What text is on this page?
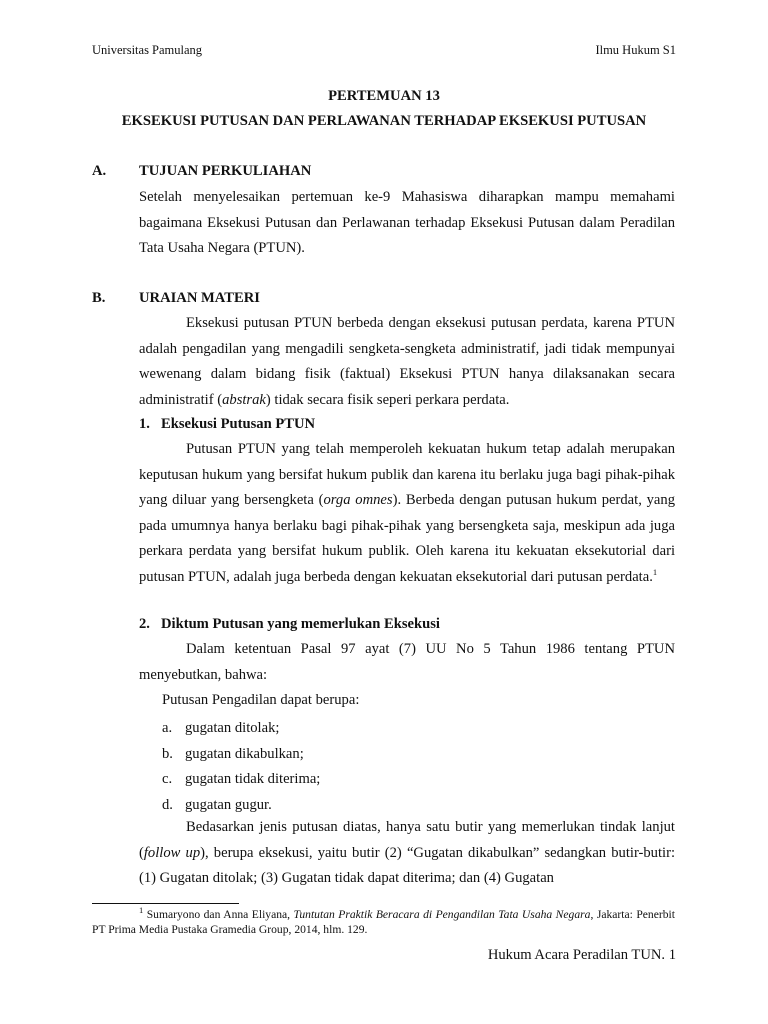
Universitas Pamulang	Ilmu Hukum S1
PERTEMUAN 13
EKSEKUSI PUTUSAN DAN PERLAWANAN TERHADAP EKSEKUSI PUTUSAN
A. TUJUAN PERKULIAHAN
Setelah menyelesaikan pertemuan ke-9 Mahasiswa diharapkan mampu memahami bagaimana Eksekusi Putusan dan Perlawanan terhadap Eksekusi Putusan dalam Peradilan Tata Usaha Negara (PTUN).
B. URAIAN MATERI
Eksekusi putusan PTUN berbeda dengan eksekusi putusan perdata, karena PTUN adalah pengadilan yang mengadili sengketa-sengketa administratif, jadi tidak mempunyai wewenang dalam bidang fisik (faktual) Eksekusi PTUN hanya dilaksanakan secara administratif (abstrak) tidak secara fisik seperi perkara perdata.
1. Eksekusi Putusan PTUN
Putusan PTUN yang telah memperoleh kekuatan hukum tetap adalah merupakan keputusan hukum yang bersifat hukum publik dan karena itu berlaku juga bagi pihak-pihak yang diluar yang bersengketa (orga omnes). Berbeda dengan putusan hukum perdat, yang pada umumnya hanya berlaku bagi pihak-pihak yang bersengketa saja, meskipun ada juga perkara perdata yang bersifat hukum publik. Oleh karena itu kekuatan eksekutorial dari putusan PTUN, adalah juga berbeda dengan kekuatan eksekutorial dari putusan perdata.$^1$
2. Diktum Putusan yang memerlukan Eksekusi
Dalam ketentuan Pasal 97 ayat (7) UU No 5 Tahun 1986 tentang PTUN menyebutkan, bahwa:
Putusan Pengadilan dapat berupa:
a. gugatan ditolak;
b. gugatan dikabulkan;
c. gugatan tidak diterima;
d. gugatan gugur.
Bedasarkan jenis putusan diatas, hanya satu butir yang memerlukan tindak lanjut (follow up), berupa eksekusi, yaitu butir (2) “Gugatan dikabulkan” sedangkan butir-butir: (1) Gugatan ditolak; (3) Gugatan tidak dapat diterima; dan (4) Gugatan
$^1$ Sumaryono dan Anna Eliyana, Tuntutan Praktik Beracara di Pengandilan Tata Usaha Negara, Jakarta: Penerbit PT Prima Media Pustaka Gramedia Group, 2014, hlm. 129.
Hukum Acara Peradilan TUN. 1
